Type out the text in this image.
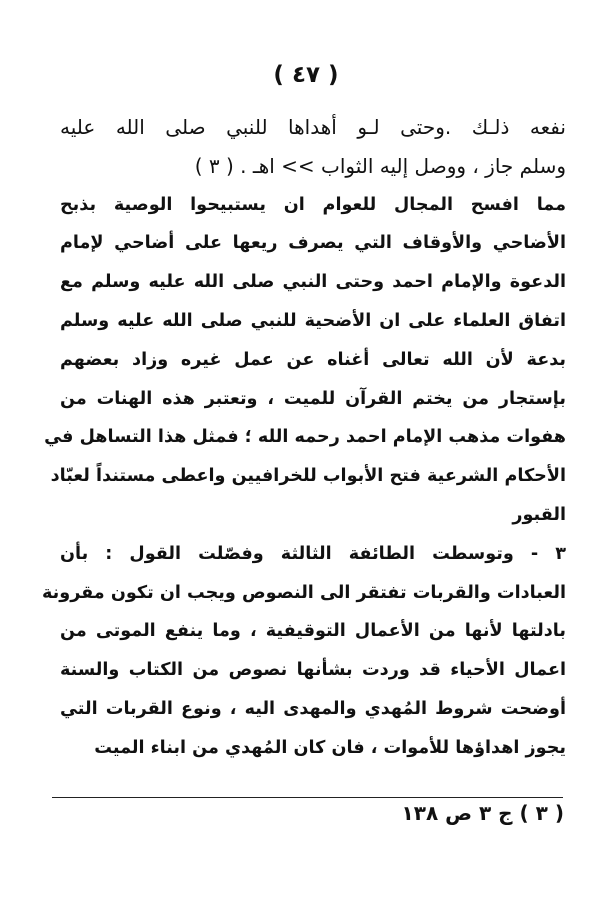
( ٤٧ )
نفعه ذلـك .وحتى لـو أهداها للنبي صلى الله عليه
وسلم جاز ، ووصل إليه الثواب >> اهـ . ( ٣ )
مما افسح المجال للعوام ان يستبيحوا الوصية بذبح
الأضاحي والأوقاف التي يصرف ريعها على أضاحي لإمام
الدعوة والإمام احمد وحتى النبي صلى الله عليه وسلم مع
اتفاق العلماء على ان الأضحية للنبي صلى الله عليه وسلم
بدعة لأن الله تعالى أغناه عن عمل غيره وزاد بعضهم
بإستجار من يختم القرآن للميت ، وتعتبر هذه الهنات من
هفوات مذهب الإمام احمد رحمه الله ؛ فمثل هذا التساهل في
الأحكام الشرعية فتح الأبواب للخرافيين واعطى مستنداً لعبّاد
القبور
٣ - وتوسطت الطائفة الثالثة وفصّلت القول : بأن
العبادات والقربات تفتقر الى النصوص ويجب ان تكون مقرونة
بادلتها لأنها من الأعمال التوقيفية ، وما ينفع الموتى من
اعمال الأحياء قد وردت بشأنها نصوص من الكتاب والسنة
أوضحت شروط المُهدي والمهدى اليه ، ونوع القربات التي
يجوز اهداؤها للأموات ، فان كان المُهدي من ابناء الميت
( ٣ ) ج ٣ ص ١٣٨
